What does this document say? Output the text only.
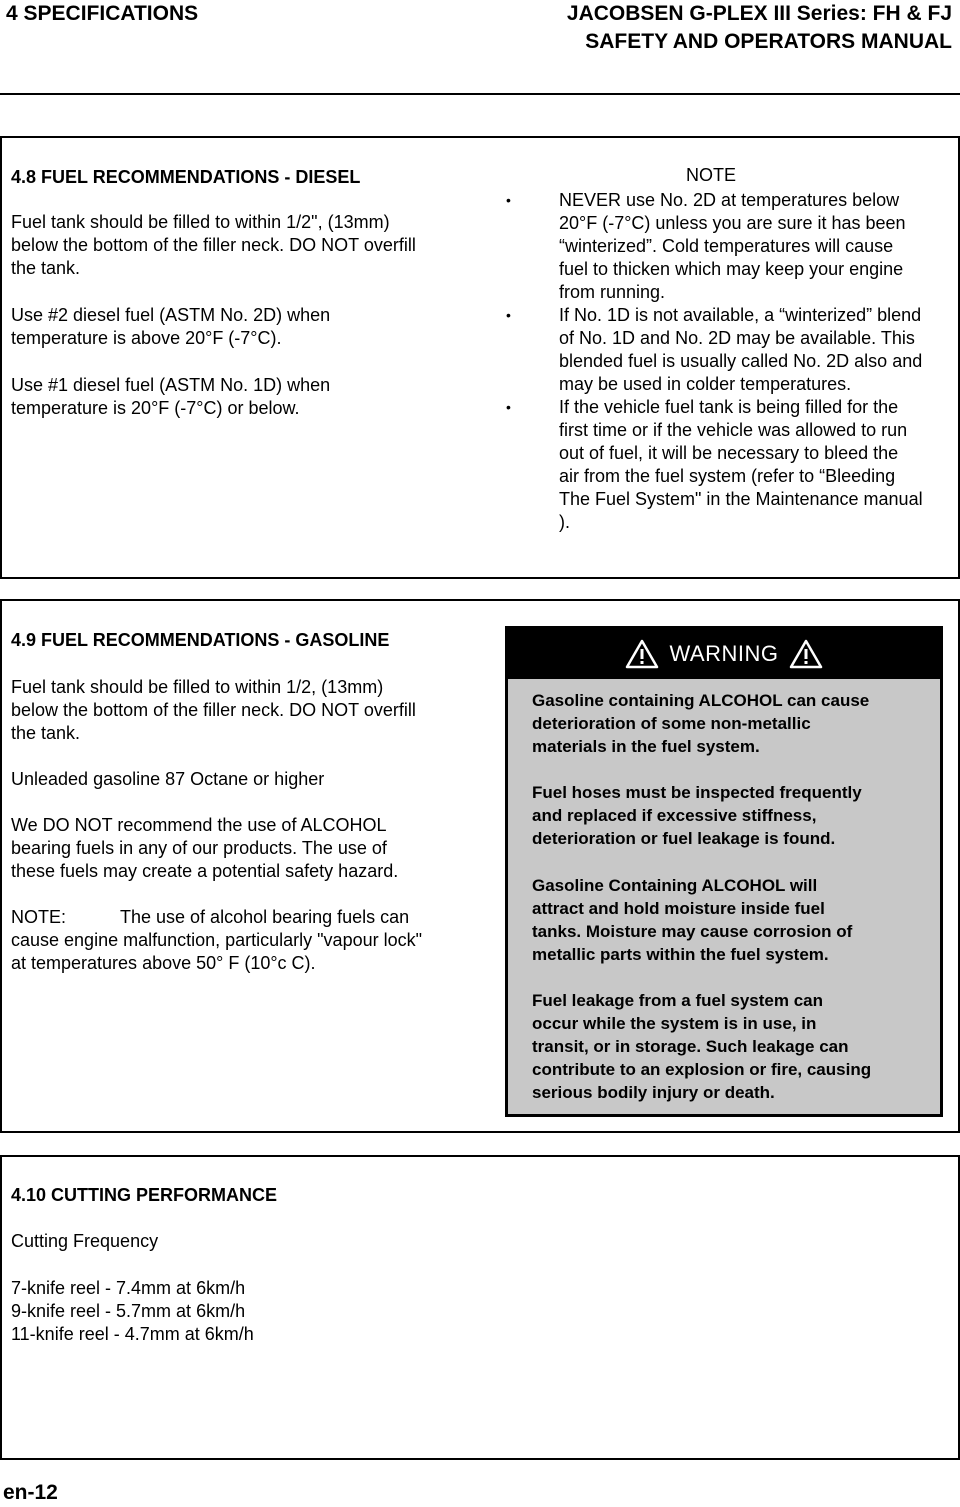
4 SPECIFICATIONS	JACOBSEN G-PLEX III Series: FH & FJ
SAFETY AND OPERATORS MANUAL
4.8 FUEL RECOMMENDATIONS - DIESEL
Fuel tank should be filled to within 1/2", (13mm)
below the bottom of the filler neck. DO NOT overfill
the tank.
Use #2 diesel fuel (ASTM No. 2D) when
temperature is above 20°F (-7°C).
Use #1 diesel fuel (ASTM No. 1D) when
temperature is 20°F (-7°C) or below.
NOTE
•	NEVER use No. 2D at temperatures below
20°F (-7°C) unless you are sure it has been
“winterized”. Cold temperatures will cause
fuel to thicken which may keep your engine
from running.
•	If No. 1D is not available, a “winterized” blend
of No. 1D and No. 2D may be available. This
blended fuel is usually called No. 2D also and
may be used in colder temperatures.
•	If the vehicle fuel tank is being filled for the
first time or if the vehicle was allowed to run
out of fuel, it will be necessary to bleed the
air from the fuel system (refer to “Bleeding
The Fuel System" in the Maintenance manual
).
4.9 FUEL RECOMMENDATIONS - GASOLINE
Fuel tank should be filled to within 1/2, (13mm)
below the bottom of the filler neck. DO NOT overfill
the tank.
Unleaded gasoline 87 Octane or higher
We DO NOT recommend the use of ALCOHOL
bearing fuels in any of our products. The use of
these fuels may create a potential safety hazard.
NOTE:	The use of alcohol bearing fuels can
cause engine malfunction, particularly "vapour lock"
at temperatures above 50° F (10°c C).
WARNING
Gasoline containing ALCOHOL can cause
deterioration of some non-metallic
materials in the fuel system.
Fuel hoses must be inspected frequently
and replaced if excessive stiffness,
deterioration or fuel leakage is found.
Gasoline Containing ALCOHOL will
attract and hold moisture inside fuel
tanks. Moisture may cause corrosion of
metallic parts within the fuel system.
Fuel leakage from a fuel system can
occur while the system is in use, in
transit, or in storage. Such leakage can
contribute to an explosion or fire, causing
serious bodily injury or death.
4.10 CUTTING PERFORMANCE
Cutting Frequency
7-knife reel - 7.4mm at 6km/h
9-knife reel - 5.7mm at 6km/h
11-knife reel - 4.7mm at 6km/h
en-12
